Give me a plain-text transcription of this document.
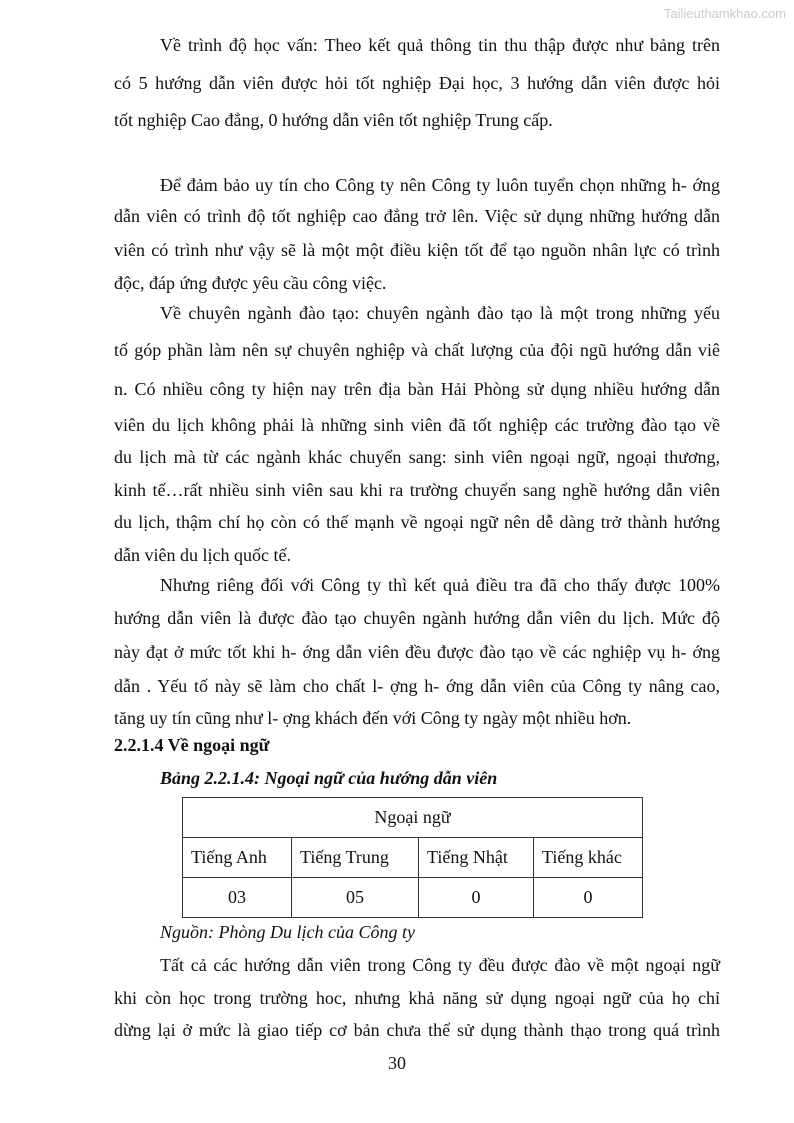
Tailieuthamkhao.com
Về trình độ học vấn: Theo kết quả thông tin thu thập được như bảng trên
có 5 hướng dẫn viên được hỏi tốt nghiệp Đại học, 3 hướng dẫn viên được hỏi
tốt nghiệp Cao đẳng, 0 hướng dẫn viên tốt nghiệp Trung cấp.
Để đảm bảo uy tín cho Công ty nên Công ty luôn tuyển chọn những h- ớng
dẫn viên có trình độ tốt nghiệp cao đẳng trở lên. Việc sử dụng những hướng dẫn
viên có trình như vậy sẽ là một một điều kiện tốt để tạo nguồn nhân lực có trình
độc, đáp ứng được yêu cầu công việc.
Về chuyên ngành đào tạo: chuyên ngành đào tạo là một trong những yếu
tố góp phần làm nên sự chuyên nghiệp và chất lượng của đội ngũ hướng dẫn viê
n. Có nhiều công ty hiện nay trên địa bàn Hải Phòng sử dụng nhiều hướng dẫn
viên du lịch không phải là những sinh viên đã tốt nghiệp các trường đào tạo về
du lịch mà từ các ngành khác chuyển sang: sinh viên ngoại ngữ, ngoại thương,
kinh tế…rất nhiều sinh viên sau khi ra trường chuyển sang nghề hướng dẫn viên
du lịch, thậm chí họ còn có thế mạnh về ngoại ngữ nên dễ dàng trở thành hướng
dẫn viên du lịch quốc tế.
Nhưng riêng đối với Công ty thì kết quả điều tra đã cho thấy được 100%
hướng dẫn viên là được đào tạo chuyên ngành hướng dẫn viên du lịch. Mức độ
này đạt ở mức tốt khi h- ớng dẫn viên đều được đào tạo về các nghiệp vụ h- ớng
dẫn . Yếu tố này sẽ làm cho chất l- ợng h- ớng dẫn viên của Công ty nâng cao,
tăng uy tín cũng như l- ợng khách đến với Công ty ngày một nhiều hơn.
Tất cả các hướng dẫn viên trong Công ty đều được đào về một ngoại ngữ
khi còn học trong trường hoc, nhưng khả năng sử dụng ngoại ngữ của họ chỉ
dừng lại ở mức là giao tiếp cơ bản chưa thể sử dụng thành thạo trong quá trình
2.2.1.4 Về ngoại ngữ
Bảng 2.2.1.4: Ngoại ngữ của hướng dẫn viên
Ngoại ngữ			
Tiếng Anh	Tiếng Trung	Tiếng Nhật	Tiếng khác
03	05	0	0
Nguồn: Phòng Du lịch của Công ty
30
